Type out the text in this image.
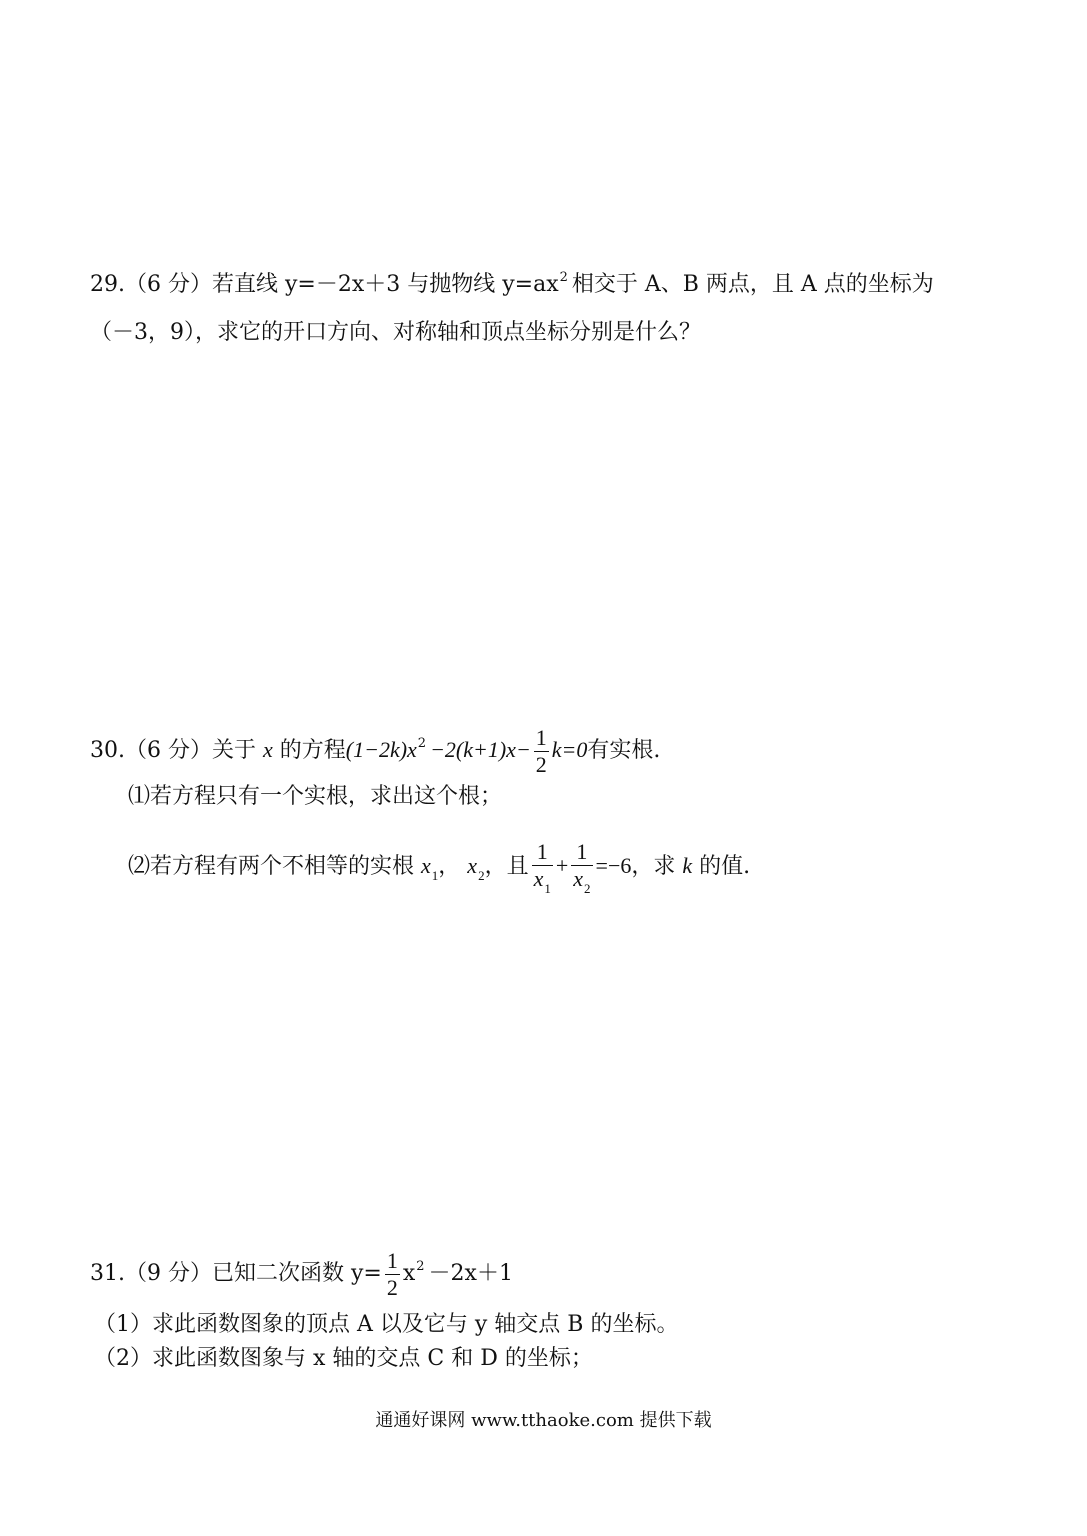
29.（6 分）若直线 y=－2x＋3 与抛物线 $y=ax^2$ 相交于 A、B 两点，且 A 点的坐标为
（－3，9），求它的开口方向、对称轴和顶点坐标分别是什么？
30.（6 分）关于 x 的方程$(1-2k)x^2 -2(k+1)x- \frac{1}{2} k=0$有实根.
⑴若方程只有一个实根，求出这个根；
⑵若方程有两个不相等的实根 $x_1$， $x_2$，且 $\frac{1}{x_1} + \frac{1}{x_2} =-6$，求 k 的值.
31.（9 分）已知二次函数 $y= \frac{1}{2} x^2 -2x+1$
（1）求此函数图象的顶点 A 以及它与 y 轴交点 B 的坐标。
（2）求此函数图象与 x 轴的交点 C 和 D 的坐标；
通通好课网 www.tthaoke.com 提供下载
